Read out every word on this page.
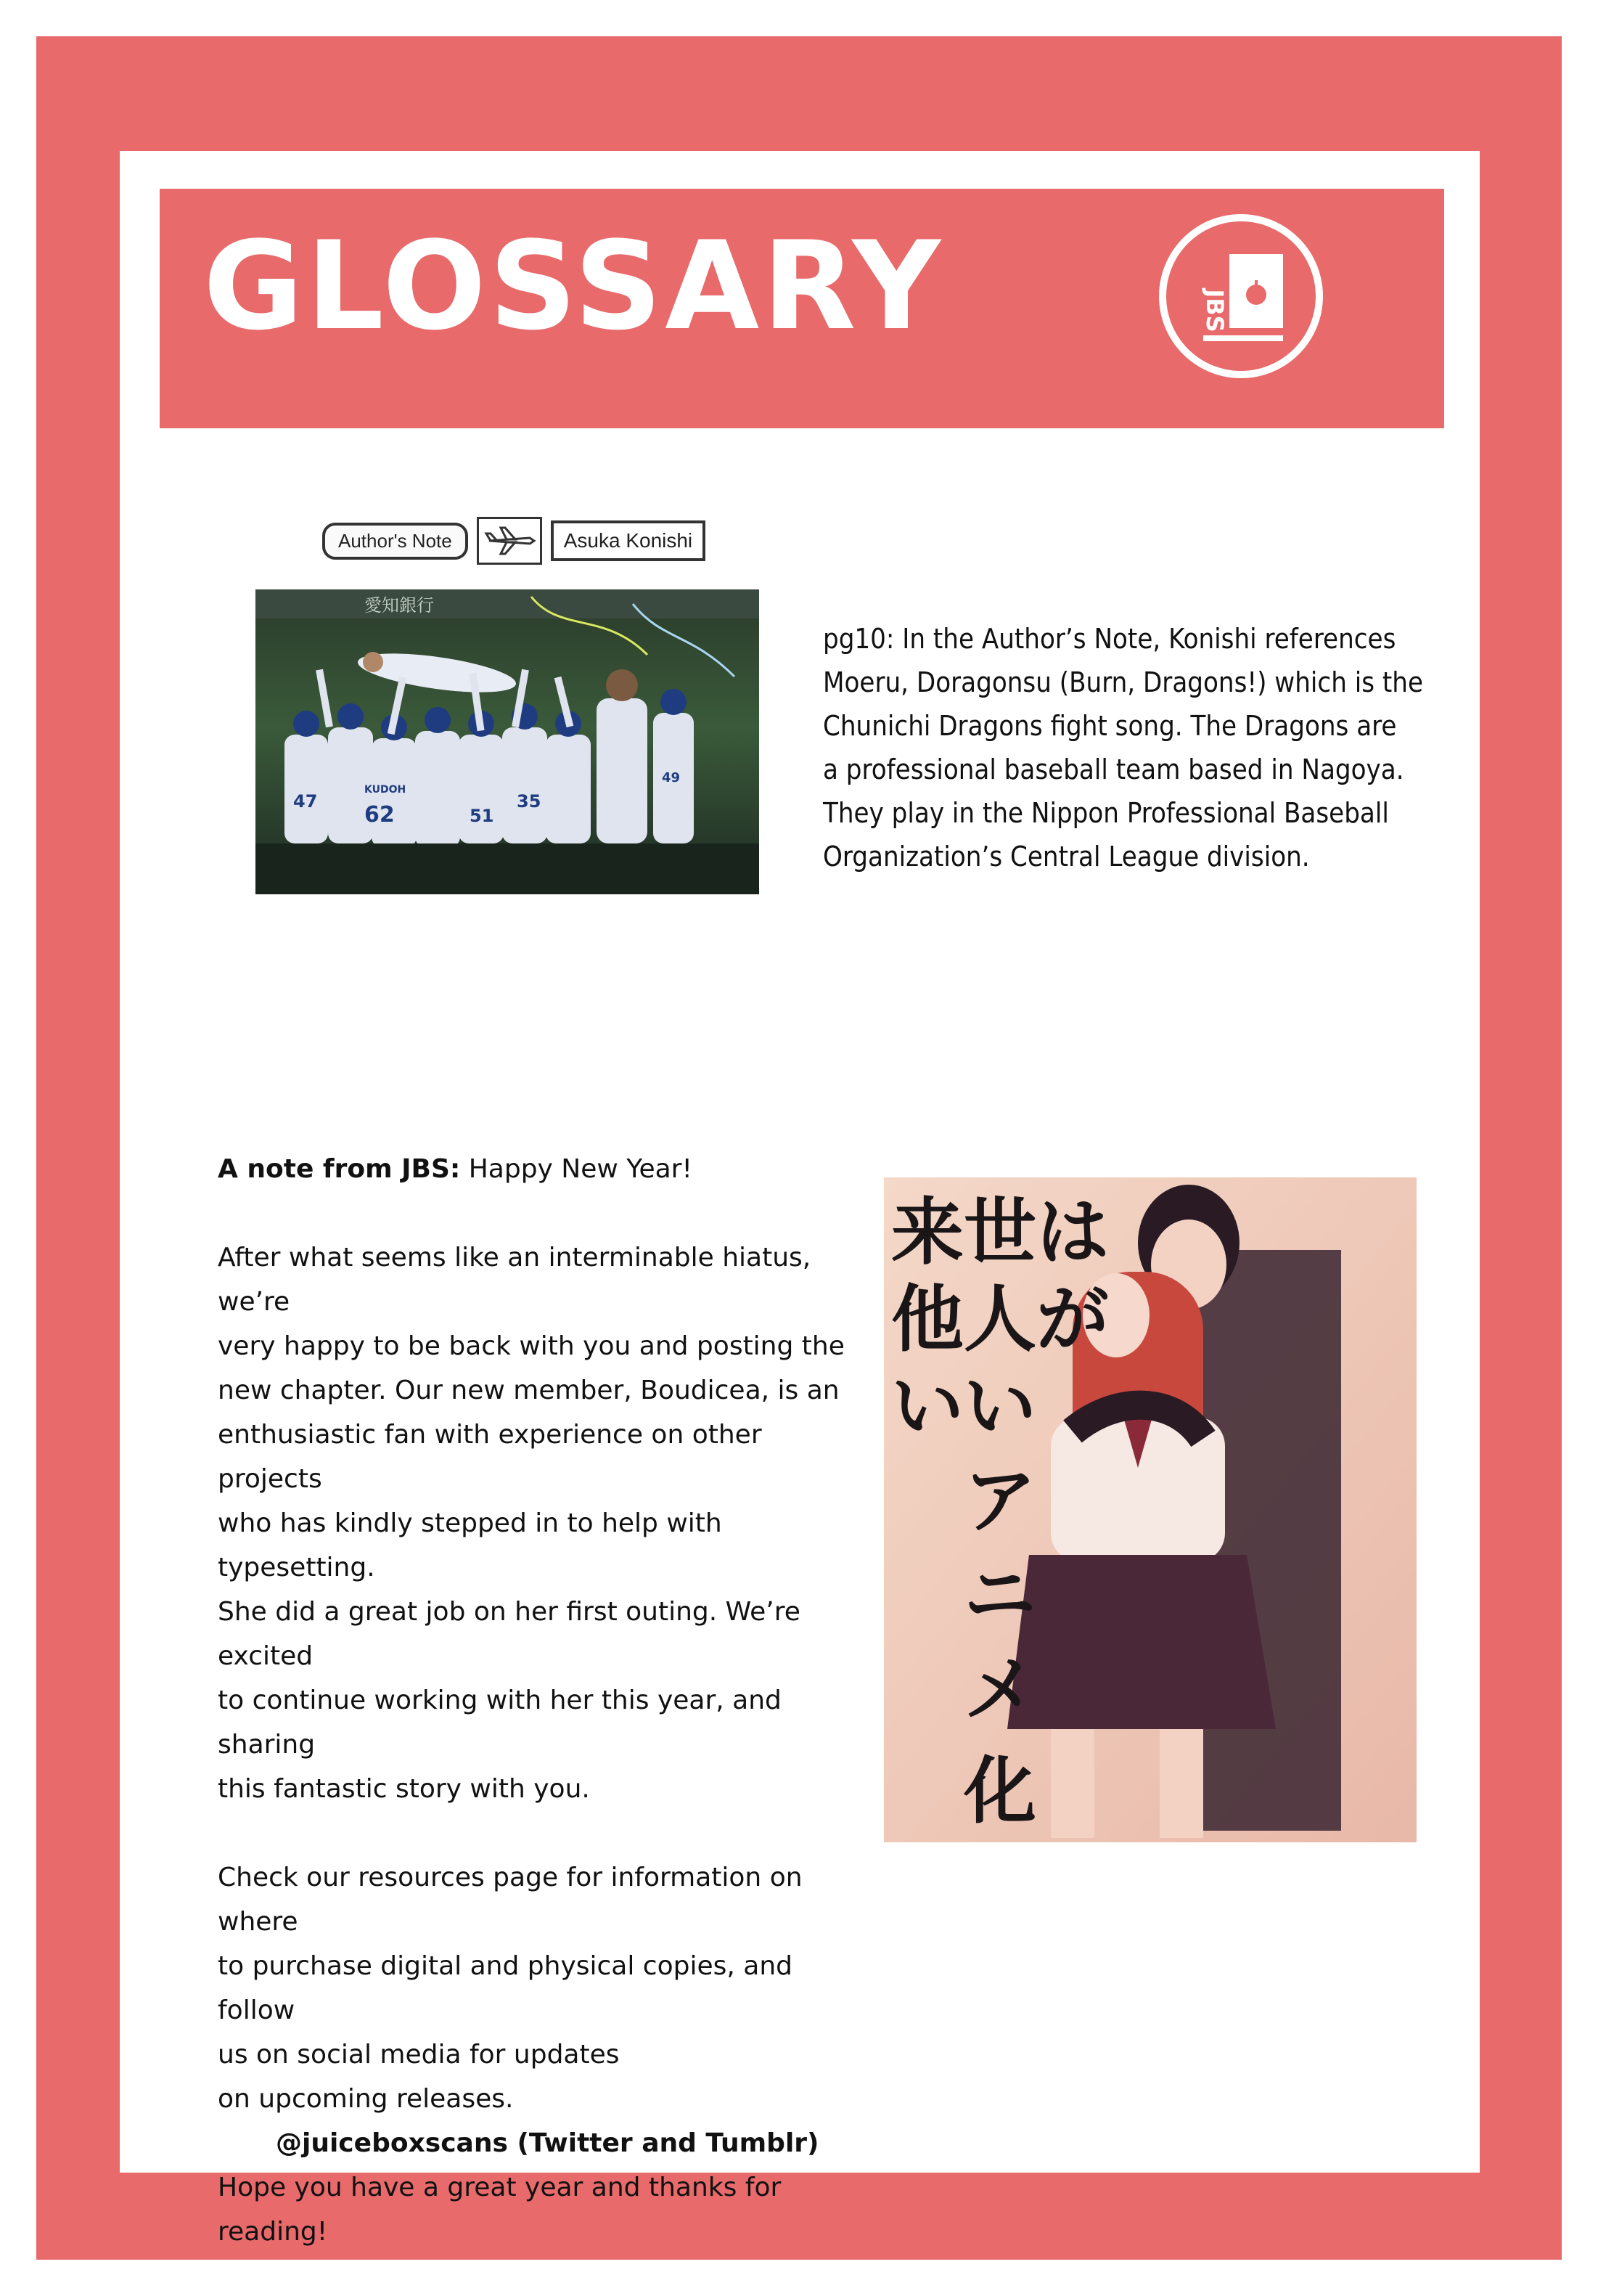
GLOSSARY	JBS
Author's Note	Asuka Konishi
愛知銀行
47
62	51
35
49
KUDOH
pg10: In the Author’s Note, Konishi references
Moeru, Doragonsu (Burn, Dragons!) which is the
Chunichi Dragons fight song. The Dragons are
a professional baseball team based in Nagoya.
They play in the Nippon Professional Baseball
Organization’s Central League division.

A note from JBS: Happy New Year!

After what seems like an interminable hiatus, we’re

very happy to be back with you and posting the

new chapter. Our new member, Boudicea, is an

enthusiastic fan with experience on other projects

who has kindly stepped in to help with typesetting.

She did a great job on her first outing. We’re excited

to continue working with her this year, and sharing

this fantastic story with you.

Check our resources page for information on where

to purchase digital and physical copies, and follow

us on social media for updates

on upcoming releases.

@juiceboxscans (Twitter and Tumblr)

Hope you have a great year and thanks for reading!

来 世 は
他 人 が
い い
ア
ニ
メ
化
